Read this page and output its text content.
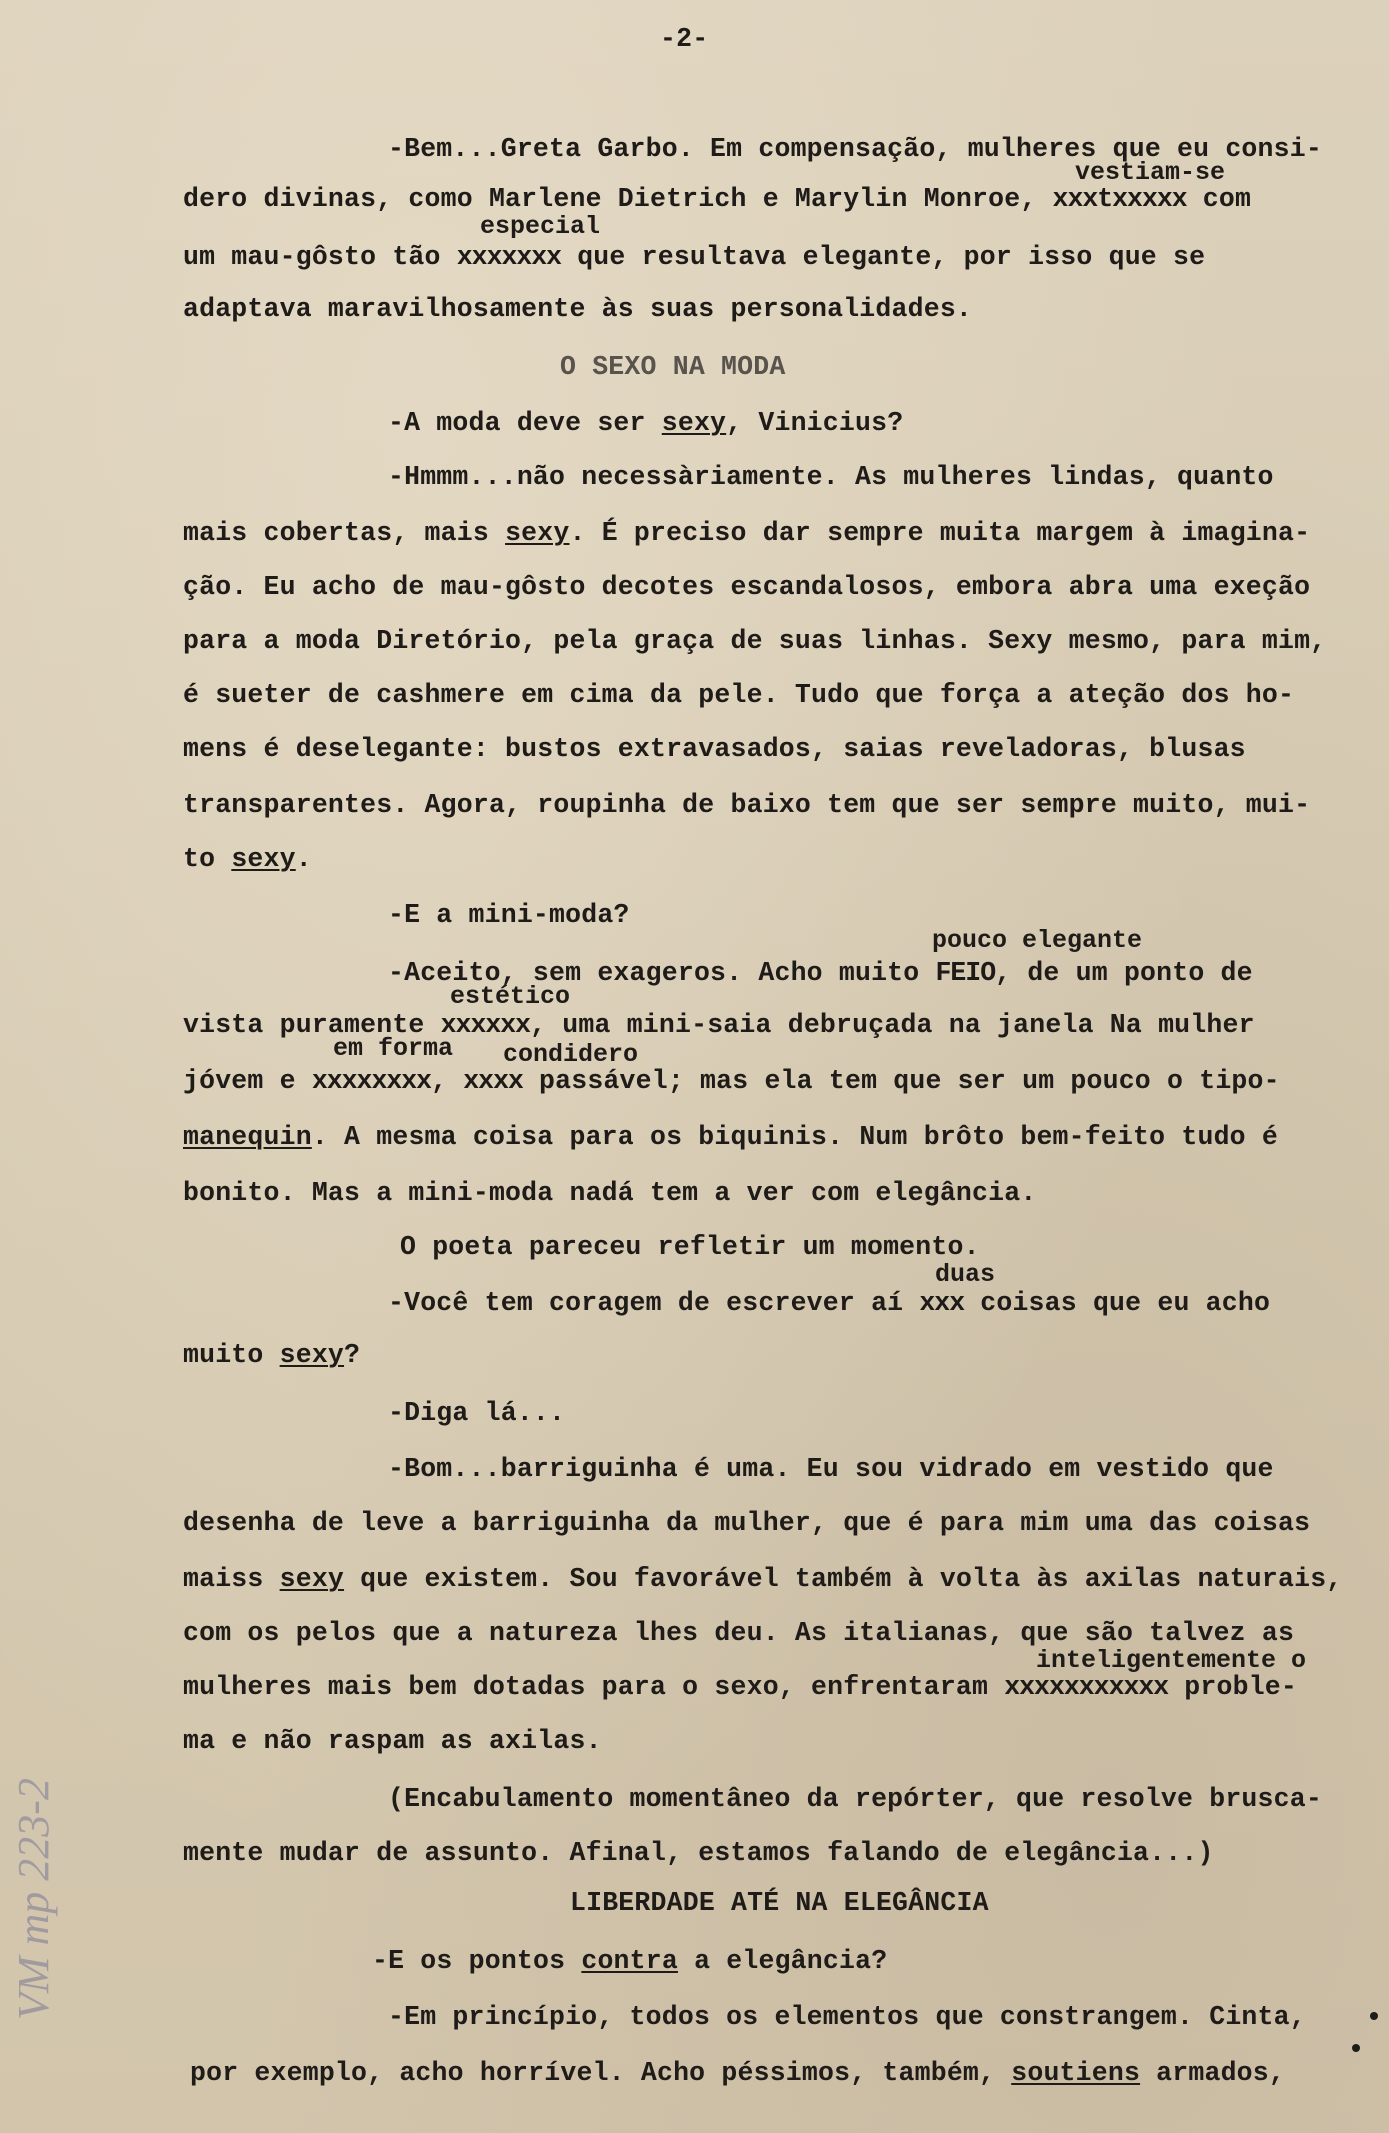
-2-
vestiam-se
-Bem...Greta Garbo. Em compensação, mulheres que eu consi-
dero divinas, como Marlene Dietrich e Marylin Monroe, xxxtxxxxx com
especial
um mau-gôsto tão xxxxxxx que resultava elegante, por isso que se
adaptava maravilhosamente às suas personalidades.
O SEXO NA MODA
-A moda deve ser sexy, Vinicius?
-Hmmm...não necessàriamente. As mulheres lindas, quanto
mais cobertas, mais sexy. É preciso dar sempre muita margem à imagina-
ção. Eu acho de mau-gôsto decotes escandalosos, embora abra uma exeção
para a moda Diretório, pela graça de suas linhas. Sexy mesmo, para mim,
é sueter de cashmere em cima da pele. Tudo que força a ateção dos ho-
mens é deselegante: bustos extravasados, saias reveladoras, blusas
transparentes. Agora, roupinha de baixo tem que ser sempre muito, mui-
to sexy.
-E a mini-moda?
pouco elegante
-Aceito, sem exageros. Acho muito FEIO, de um ponto de
estético
vista puramente xxxxxx, uma mini-saia debruçada na janela Na mulher
em forma condidero
jóvem e xxxxxxxx, xxxx passável; mas ela tem que ser um pouco o tipo-
manequin. A mesma coisa para os biquinis. Num brôto bem-feito tudo é
bonito. Mas a mini-moda nadá tem a ver com elegância.
O poeta pareceu refletir um momento.
duas
-Você tem coragem de escrever aí xxx coisas que eu acho
muito sexy?
-Diga lá...
-Bom...barriguinha é uma. Eu sou vidrado em vestido que
desenha de leve a barriguinha da mulher, que é para mim uma das coisas
maiss sexy que existem. Sou favorável também à volta às axilas naturais,
com os pelos que a natureza lhes deu. As italianas, que são talvez as
inteligentemente o
mulheres mais bem dotadas para o sexo, enfrentaram xxxxxxxxxxx proble-
ma e não raspam as axilas.
(Encabulamento momentâneo da repórter, que resolve brusca-
mente mudar de assunto. Afinal, estamos falando de elegância...)
LIBERDADE ATÉ NA ELEGÂNCIA
-E os pontos contra a elegância?
-Em princípio, todos os elementos que constrangem. Cinta,
por exemplo, acho horrível. Acho péssimos, também, soutiens armados,
VM mp 223-2
